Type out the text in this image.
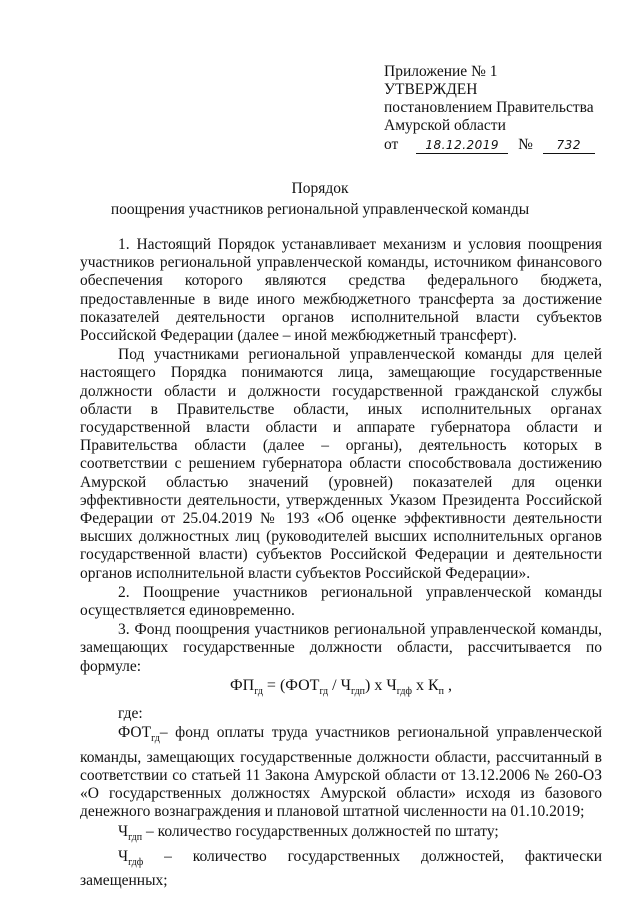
Приложение № 1
УТВЕРЖДЕН
постановлением Правительства
Амурской области
от 18.12.2019 № 732
Порядок
поощрения участников региональной управленческой команды

1. Настоящий Порядок устанавливает механизм и условия поощрения участников региональной управленческой команды, источником финансового обеспечения которого являются средства федерального бюджета, предоставленные в виде иного межбюджетного трансферта за достижение показателей деятельности органов исполнительной власти субъектов Российской Федерации (далее – иной межбюджетный трансферт).

Под участниками региональной управленческой команды для целей настоящего Порядка понимаются лица, замещающие государственные должности области и должности государственной гражданской службы области в Правительстве области, иных исполнительных органах государственной власти области и аппарате губернатора области и Правительства области (далее – органы), деятельность которых в соответствии с решением губернатора области способствовала достижению Амурской областью значений (уровней) показателей для оценки эффективности деятельности, утвержденных Указом Президента Российской Федерации от 25.04.2019 № 193 «Об оценке эффективности деятельности высших должностных лиц (руководителей высших исполнительных органов государственной власти) субъектов Российской Федерации и деятельности органов исполнительной власти субъектов Российской Федерации».

2. Поощрение участников региональной управленческой команды осуществляется единовременно.

3. Фонд поощрения участников региональной управленческой команды, замещающих государственные должности области, рассчитывается по формуле:

$ФП_{гд} = (ФОТ_{гд} / Ч_{гдп})$ х $Ч_{гдф}$ х $К_п$ ,

где:

$ФОТ_{гд}-$ фонд оплаты труда участников региональной управленческой команды, замещающих государственные должности области, рассчитанный в соответствии со статьей 11 Закона Амурской области от 13.12.2006 № 260-ОЗ «О государственных должностях Амурской области» исходя из базового денежного вознаграждения и плановой штатной численности на 01.10.2019;

$Ч_{гдп}$ – количество государственных должностей по штату;

$Ч_{гдф}$ – количество государственных должностей, фактически замещенных;
